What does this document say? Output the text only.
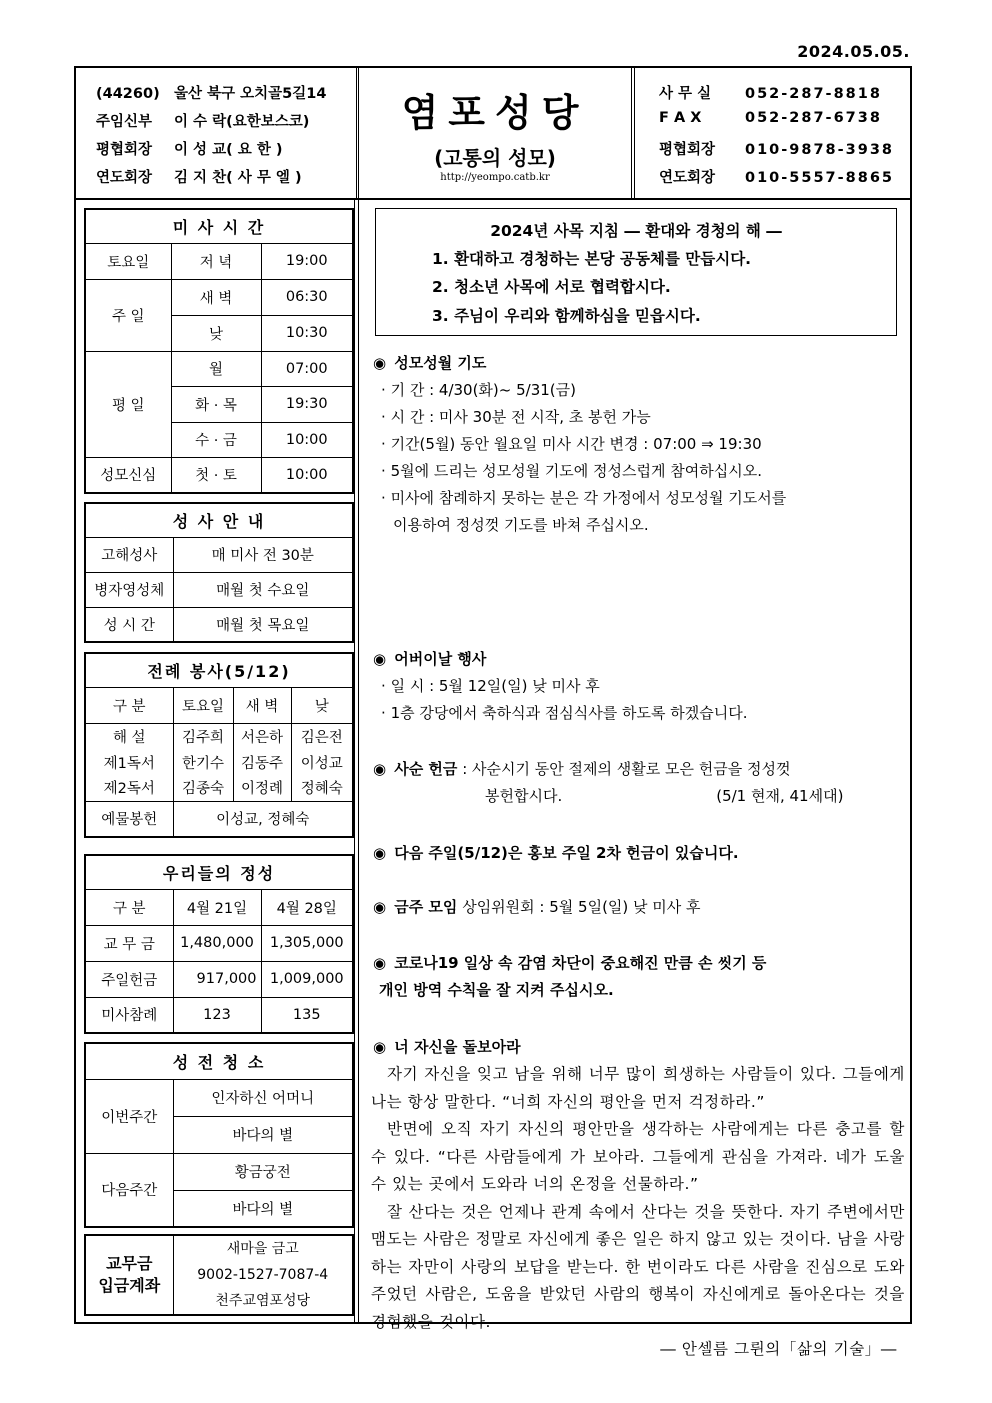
2024.05.05.
(44260) 울산 북구 오치골5길14
주임신부 이 수 락(요한보스코)
평협회장 이 성 교( 요 한 )
연도회장 김 지 찬( 사 무 엘 )
염포성당
(고통의 성모)
http://yeompo.catb.kr
사 무 실 052-287-8818
F A X	052-287-6738
평협회장 010-9878-3938
연도회장 010-5557-8865
미 사 시 간		
토요일	저 녁	19:00
주 일	새 벽	06:30
	낮	10:30
평 일	월	07:00
	화 · 목	19:30
	수 · 금	10:00
성모신심	첫 · 토	10:00
성 사 안 내	
고해성사	매 미사 전 30분
병자영성체	매월 첫 수요일
성 시 간	매월 첫 목요일
전례 봉사(5/12)			
구 분	토요일	새 벽	낮
해 설	김주희	서은하	김은전
제1독서	한기수	김동주	이성교
제2독서	김종숙	이정례	정혜숙
예물봉헌	이성교, 정혜숙		
우리들의 정성		
구 분	4월 21일	4월 28일
교 무 금	1,480,000	1,305,000
주일헌금	917,000	1,009,000
미사참례	123	135
성 전 청 소	
이번주간	인자하신 어머니
	바다의 별
다음주간	황금궁전
	바다의 별
교무금
입금계좌

새마을 금고
9002-1527-7087-4
천주교염포성당
2024년 사목 지침 ― 환대와 경청의 해 ―
1. 환대하고 경청하는 본당 공동체를 만듭시다.
2. 청소년 사목에 서로 협력합시다.
3. 주님이 우리와 함께하심을 믿읍시다.
◉ 성모성월 기도
· 기 간 : 4/30(화)~ 5/31(금)
· 시 간 : 미사 30분 전 시작, 초 봉헌 가능
· 기간(5월) 동안 월요일 미사 시간 변경 : 07:00 ⇒ 19:30
· 5월에 드리는 성모성월 기도에 정성스럽게 참여하십시오.
· 미사에 참례하지 못하는 분은 각 가정에서 성모성월 기도서를
이용하여 정성껏 기도를 바쳐 주십시오.
◉ 어버이날 행사
· 일 시 : 5월 12일(일) 낮 미사 후
· 1층 강당에서 축하식과 점심식사를 하도록 하겠습니다.
◉ 사순 헌금 : 사순시기 동안 절제의 생활로 모은 헌금을 정성껏
봉헌합시다.	(5/1 현재, 41세대)
◉ 다음 주일(5/12)은 홍보 주일 2차 헌금이 있습니다.
◉ 금주 모임 상임위원회 : 5월 5일(일) 낮 미사 후
◉ 코로나19 일상 속 감염 차단이 중요해진 만큼 손 씻기 등
개인 방역 수칙을 잘 지켜 주십시오.
◉ 너 자신을 돌보아라
자기 자신을 잊고 남을 위해 너무 많이 희생하는 사람들이 있다. 그들에게 나는 항상 말한다. “너희 자신의 평안을 먼저 걱정하라.”
반면에 오직 자기 자신의 평안만을 생각하는 사람에게는 다른 충고를 할 수 있다. “다른 사람들에게 가 보아라. 그들에게 관심을 가져라. 네가 도울 수 있는 곳에서 도와라 너의 온정을 선물하라.”
잘 산다는 것은 언제나 관계 속에서 산다는 것을 뜻한다. 자기 주변에서만 맴도는 사람은 정말로 자신에게 좋은 일은 하지 않고 있는 것이다. 남을 사랑하는 자만이 사랑의 보답을 받는다. 한 번이라도 다른 사람을 진심으로 도와주었던 사람은, 도움을 받았던 사람의 행복이 자신에게로 돌아온다는 것을 경험했을 것이다.
― 안셀름 그륀의「삶의 기술」―
